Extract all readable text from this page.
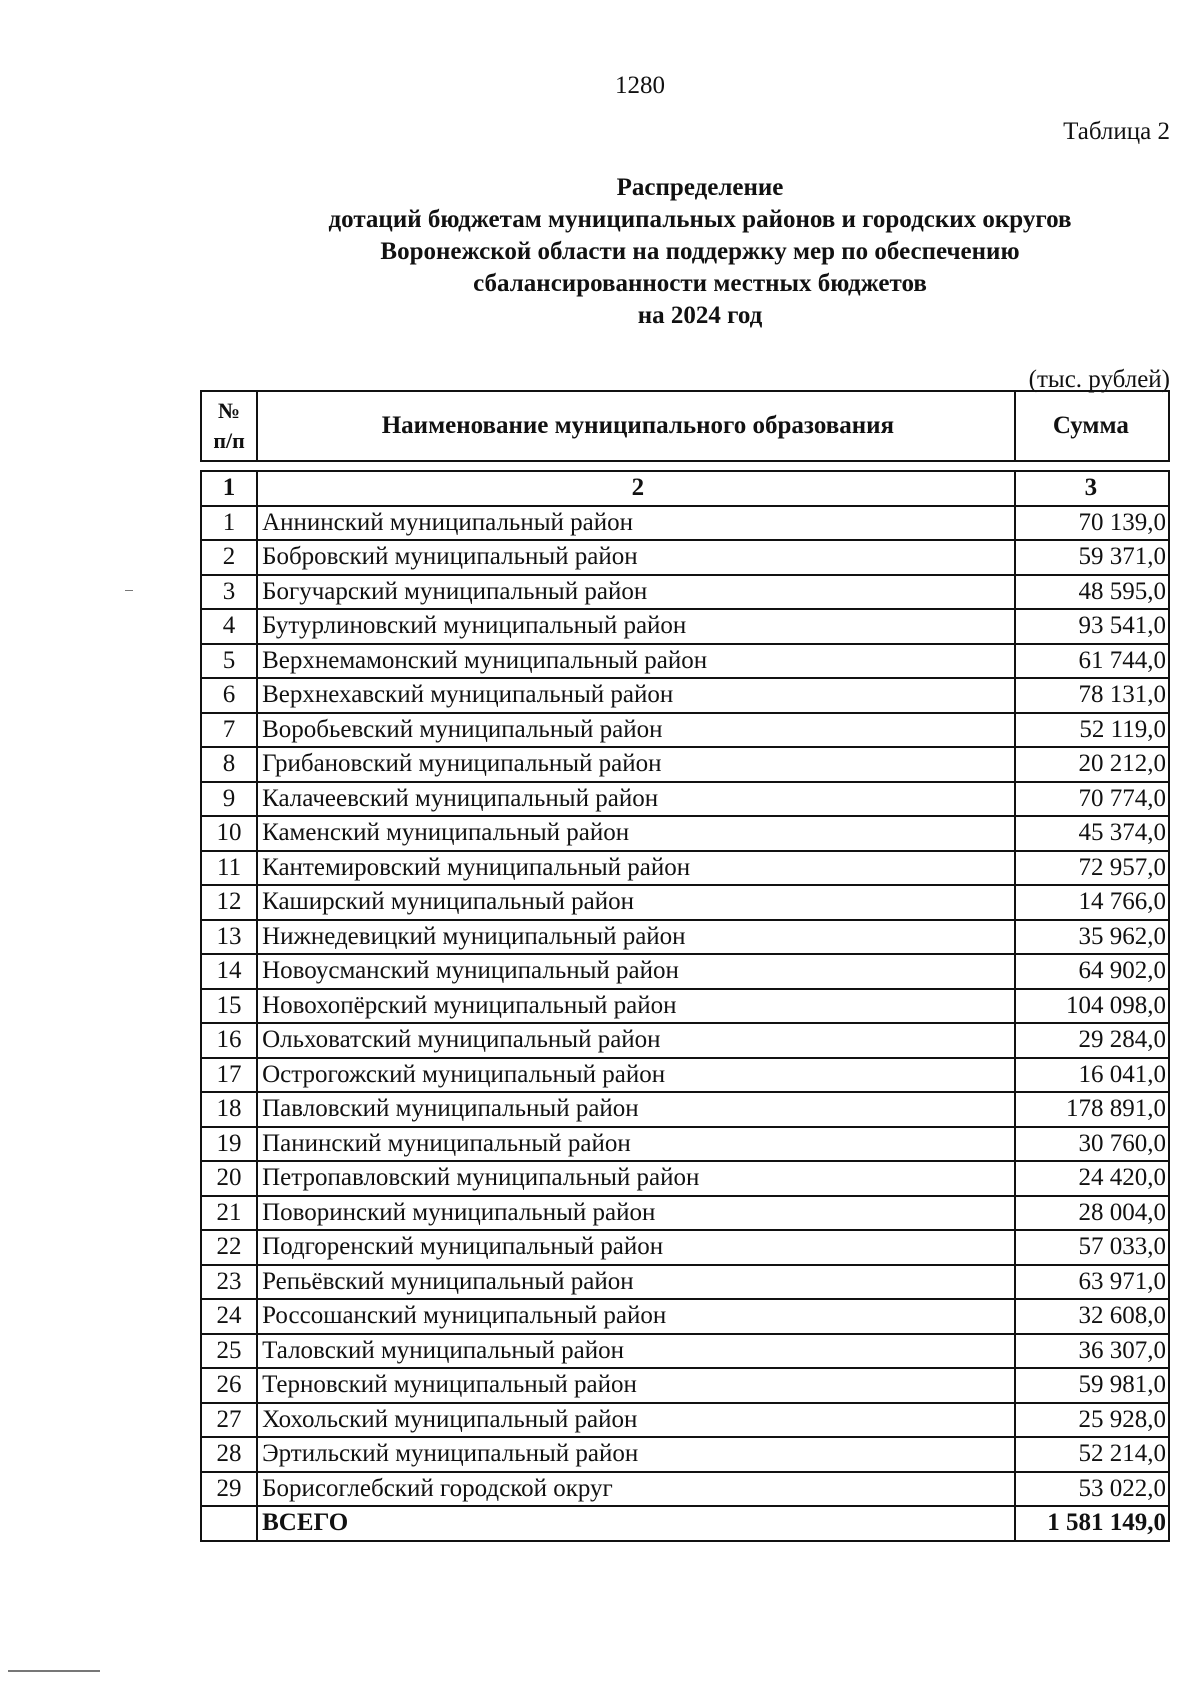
1280
Таблица 2
Распределение
дотаций бюджетам муниципальных районов и городских округов
Воронежской области на поддержку мер по обеспечению
сбалансированности местных бюджетов
на 2024 год
(тыс. рублей)
№
п/п	Наименование муниципального образования	Сумма
1	2	3
1	Аннинский муниципальный район	70 139,0
2	Бобровский муниципальный район	59 371,0
3	Богучарский муниципальный район	48 595,0
4	Бутурлиновский муниципальный район	93 541,0
5	Верхнемамонский муниципальный район	61 744,0
6	Верхнехавский муниципальный район	78 131,0
7	Воробьевский муниципальный район	52 119,0
8	Грибановский муниципальный район	20 212,0
9	Калачеевский муниципальный район	70 774,0
10	Каменский муниципальный район	45 374,0
11	Кантемировский муниципальный район	72 957,0
12	Каширский муниципальный район	14 766,0
13	Нижнедевицкий муниципальный район	35 962,0
14	Новоусманский муниципальный район	64 902,0
15	Новохопёрский муниципальный район	104 098,0
16	Ольховатский муниципальный район	29 284,0
17	Острогожский муниципальный район	16 041,0
18	Павловский муниципальный район	178 891,0
19	Панинский муниципальный район	30 760,0
20	Петропавловский муниципальный район	24 420,0
21	Поворинский муниципальный район	28 004,0
22	Подгоренский муниципальный район	57 033,0
23	Репьёвский муниципальный район	63 971,0
24	Россошанский муниципальный район	32 608,0
25	Таловский муниципальный район	36 307,0
26	Терновский муниципальный район	59 981,0
27	Хохольский муниципальный район	25 928,0
28	Эртильский муниципальный район	52 214,0
29	Борисоглебский городской округ	53 022,0
	ВСЕГО	1 581 149,0
